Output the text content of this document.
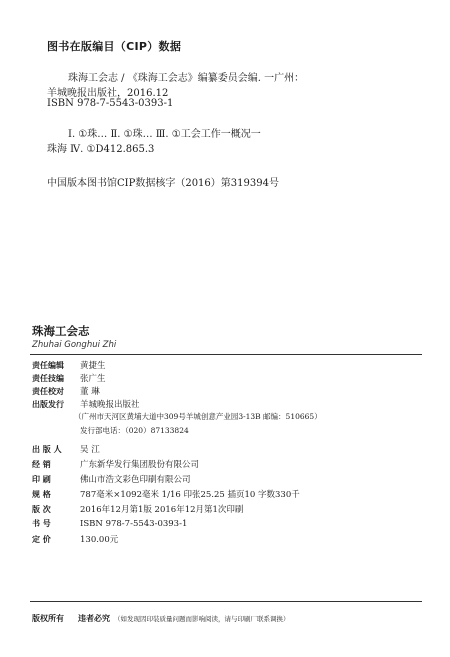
图书在版编目（CIP）数据
珠海工会志 / 《珠海工会志》编纂委员会编. 一广州：
羊城晚报出版社，2016.12
ISBN 978-7-5543-0393-1
Ⅰ. ①珠… Ⅱ. ①珠… Ⅲ. ①工会工作一概况一
珠海 Ⅳ. ①D412.865.3
中国版本图书馆CIP数据核字（2016）第319394号
珠海工会志
Zhuhai Gonghui Zhi
责任编辑	黄捷生
责任技编	张广生
责任校对	董 琳
出版发行	羊城晚报出版社
（广州市天河区黄埔大道中309号羊城创意产业园3-13B 邮编：510665）
发行部电话：（020）87133824
出 版 人	吴 江
经 销	广东新华发行集团股份有限公司
印 刷	佛山市浩文彩色印刷有限公司
规 格	787毫米×1092毫米 1/16 印张25.25 插页10 字数330千
版 次	2016年12月第1版 2016年12月第1次印刷
书 号	ISBN 978-7-5543-0393-1
定 价	130.00元
版权所有	违者必究 （如发现因印装质量问题而影响阅读，请与印刷厂联系调换）
